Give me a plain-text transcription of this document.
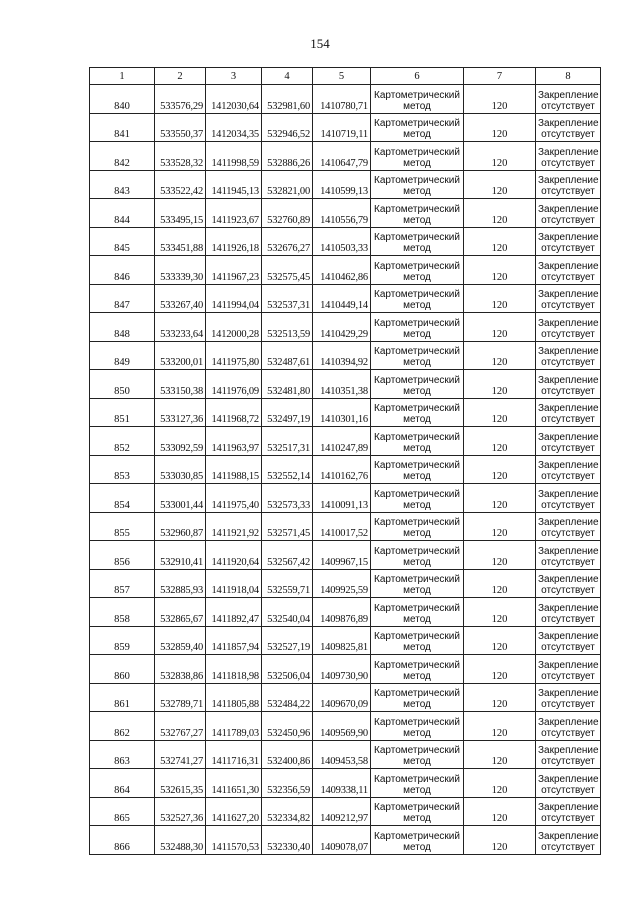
154
1	2	3	4	5	6	7	8
840	533576,29	1412030,64	532981,60	1410780,71	Картометрический
метод	120	Закрепление
отсутствует

841	533550,37	1412034,35	532946,52	1410719,11	Картометрический
метод	120	Закрепление
отсутствует

842	533528,32	1411998,59	532886,26	1410647,79	Картометрический
метод	120	Закрепление
отсутствует

843	533522,42	1411945,13	532821,00	1410599,13	Картометрический
метод	120	Закрепление
отсутствует

844	533495,15	1411923,67	532760,89	1410556,79	Картометрический
метод	120	Закрепление
отсутствует

845	533451,88	1411926,18	532676,27	1410503,33	Картометрический
метод	120	Закрепление
отсутствует

846	533339,30	1411967,23	532575,45	1410462,86	Картометрический
метод	120	Закрепление
отсутствует

847	533267,40	1411994,04	532537,31	1410449,14	Картометрический
метод	120	Закрепление
отсутствует

848	533233,64	1412000,28	532513,59	1410429,29	Картометрический
метод	120	Закрепление
отсутствует

849	533200,01	1411975,80	532487,61	1410394,92	Картометрический
метод	120	Закрепление
отсутствует

850	533150,38	1411976,09	532481,80	1410351,38	Картометрический
метод	120	Закрепление
отсутствует

851	533127,36	1411968,72	532497,19	1410301,16	Картометрический
метод	120	Закрепление
отсутствует

852	533092,59	1411963,97	532517,31	1410247,89	Картометрический
метод	120	Закрепление
отсутствует

853	533030,85	1411988,15	532552,14	1410162,76	Картометрический
метод	120	Закрепление
отсутствует

854	533001,44	1411975,40	532573,33	1410091,13	Картометрический
метод	120	Закрепление
отсутствует

855	532960,87	1411921,92	532571,45	1410017,52	Картометрический
метод	120	Закрепление
отсутствует

856	532910,41	1411920,64	532567,42	1409967,15	Картометрический
метод	120	Закрепление
отсутствует

857	532885,93	1411918,04	532559,71	1409925,59	Картометрический
метод	120	Закрепление
отсутствует

858	532865,67	1411892,47	532540,04	1409876,89	Картометрический
метод	120	Закрепление
отсутствует

859	532859,40	1411857,94	532527,19	1409825,81	Картометрический
метод	120	Закрепление
отсутствует

860	532838,86	1411818,98	532506,04	1409730,90	Картометрический
метод	120	Закрепление
отсутствует

861	532789,71	1411805,88	532484,22	1409670,09	Картометрический
метод	120	Закрепление
отсутствует

862	532767,27	1411789,03	532450,96	1409569,90	Картометрический
метод	120	Закрепление
отсутствует

863	532741,27	1411716,31	532400,86	1409453,58	Картометрический
метод	120	Закрепление
отсутствует

864	532615,35	1411651,30	532356,59	1409338,11	Картометрический
метод	120	Закрепление
отсутствует

865	532527,36	1411627,20	532334,82	1409212,97	Картометрический
метод	120	Закрепление
отсутствует

866	532488,30	1411570,53	532330,40	1409078,07	Картометрический
метод	120	Закрепление
отсутствует
